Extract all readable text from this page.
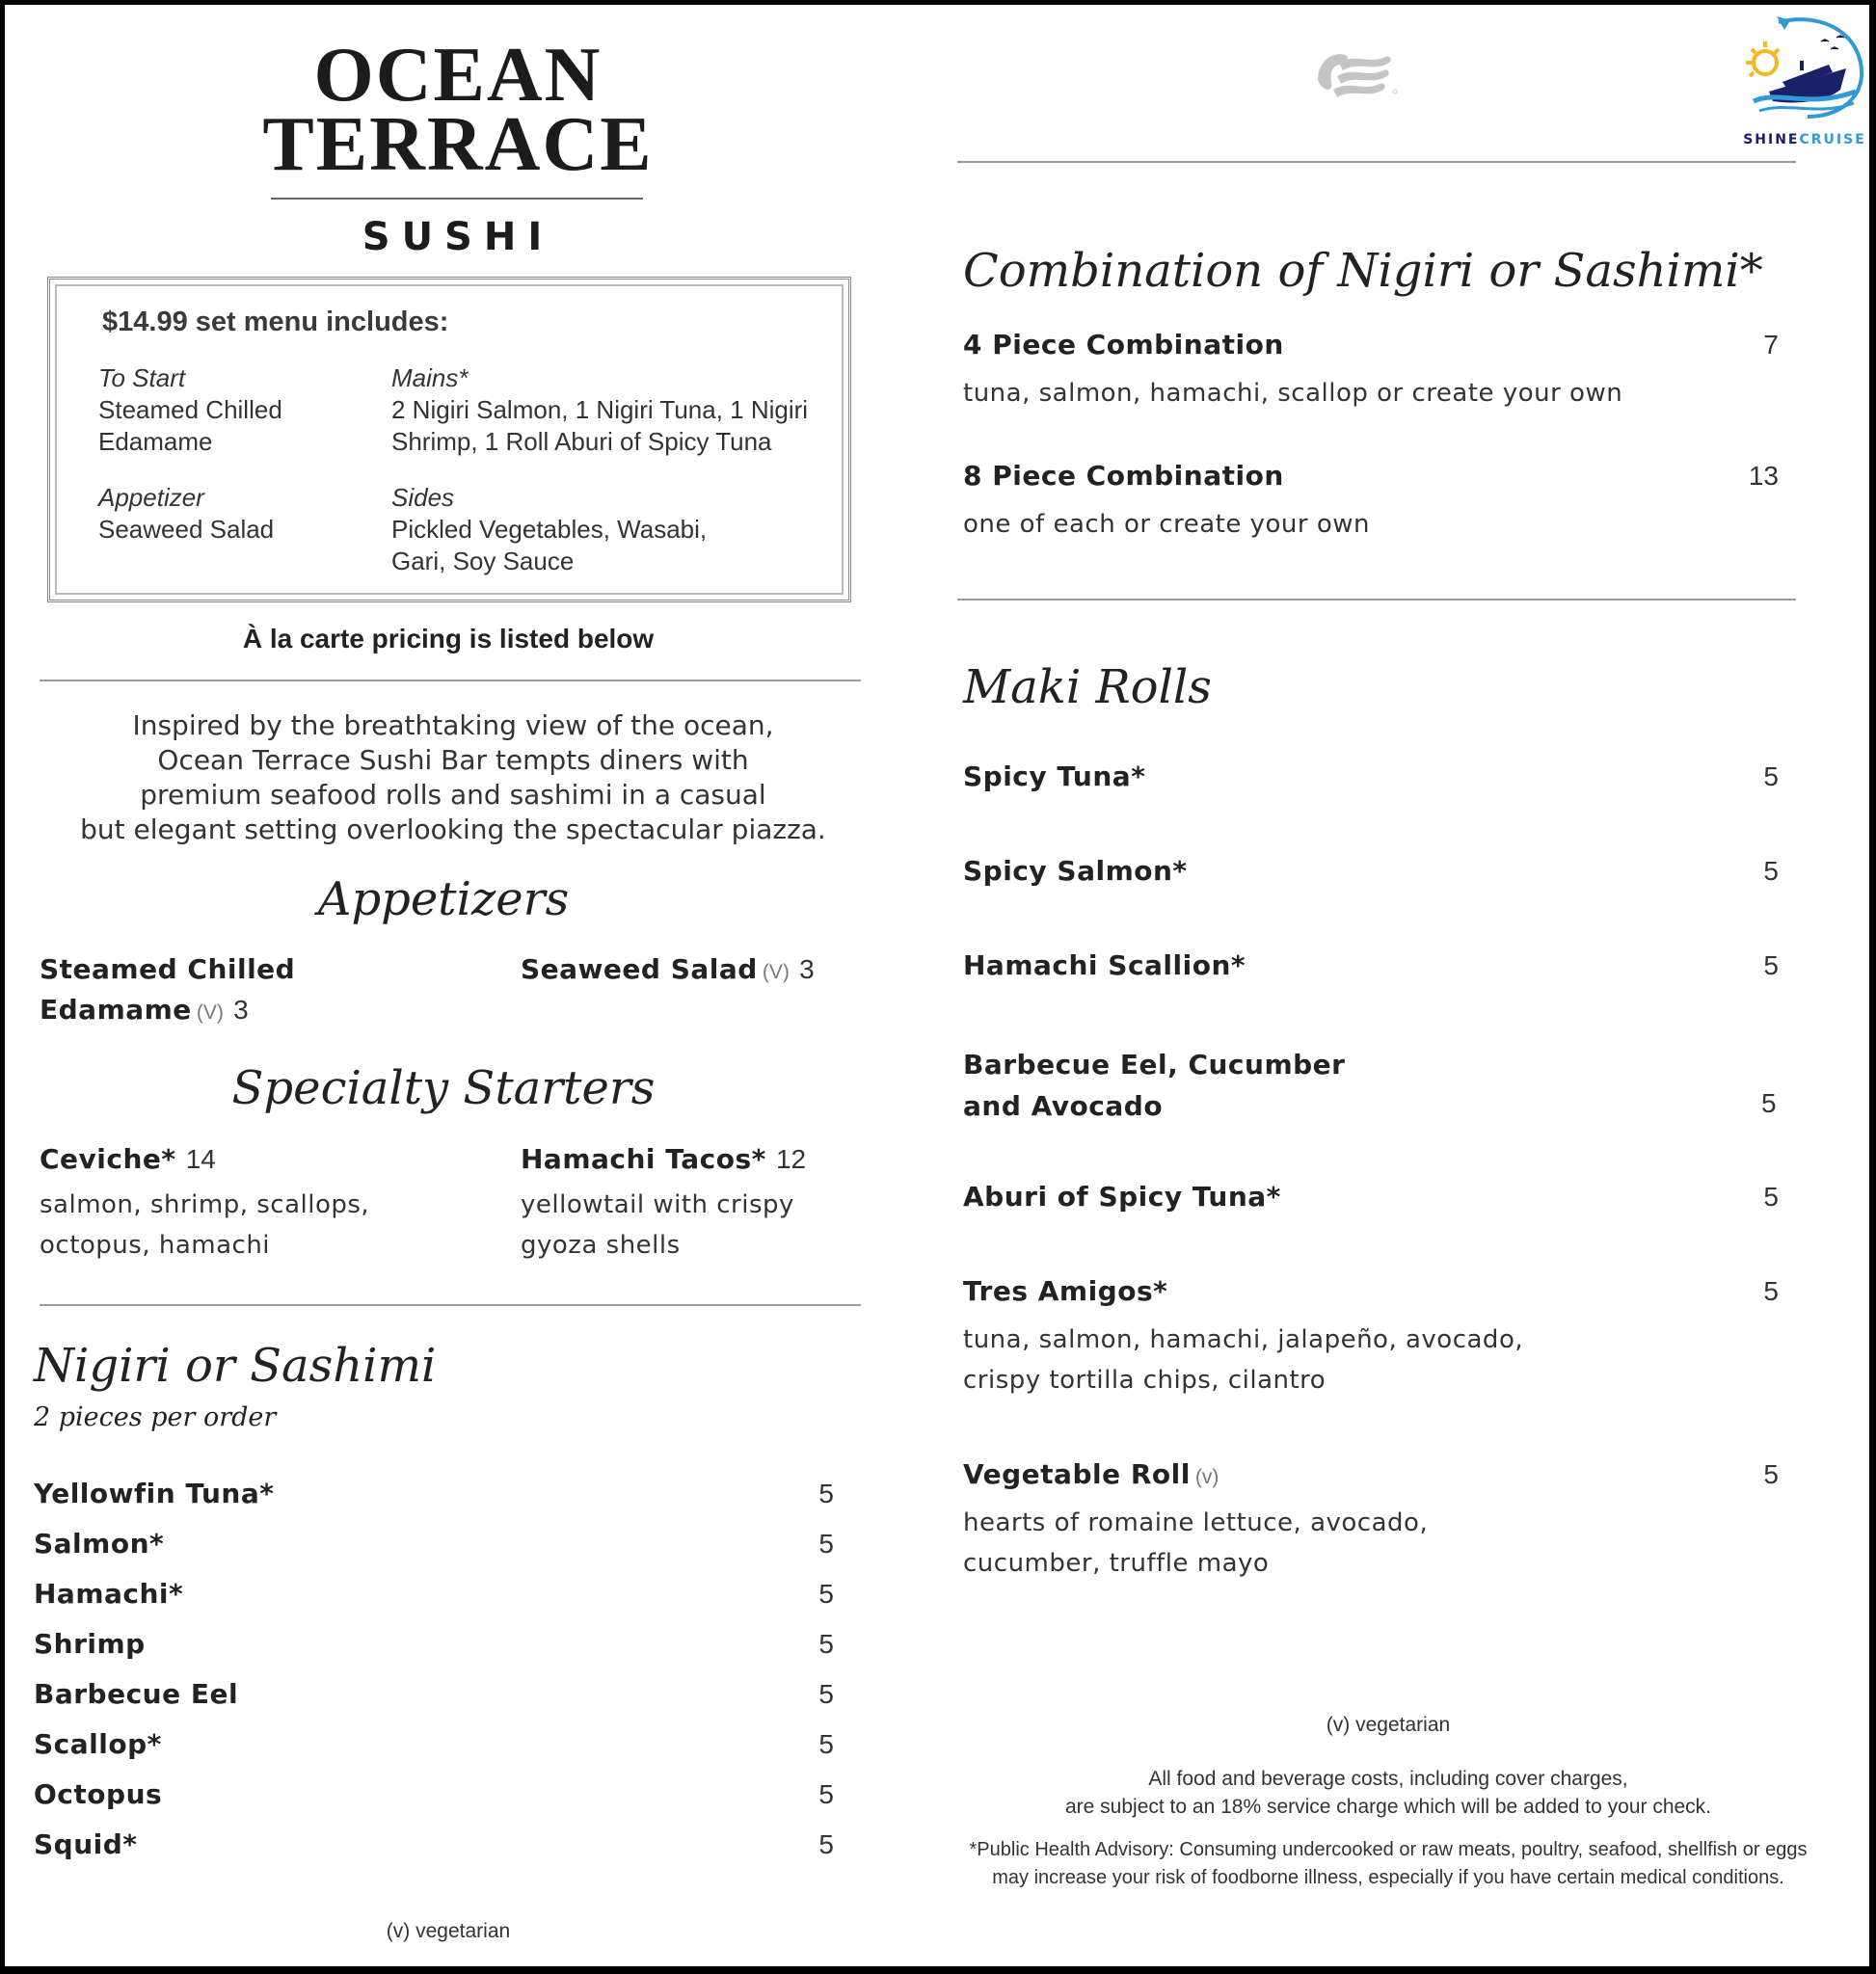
OCEAN
TERRACE
SUSHI
SHINECRUISE
$14.99 set menu includes:
To Start
Steamed Chilled
Edamame
Mains*
2 Nigiri Salmon, 1 Nigiri Tuna, 1 Nigiri
Shrimp, 1 Roll Aburi of Spicy Tuna
Appetizer
Seaweed Salad
Sides
Pickled Vegetables, Wasabi,
Gari, Soy Sauce
À la carte pricing is listed below
Inspired by the breathtaking view of the ocean,
Ocean Terrace Sushi Bar tempts diners with
premium seafood rolls and sashimi in a casual
but elegant setting overlooking the spectacular piazza.
Appetizers
Steamed Chilled
Edamame (V) 3
Seaweed Salad (V) 3
Specialty Starters
Ceviche* 14
salmon, shrimp, scallops,
octopus, hamachi
Hamachi Tacos* 12
yellowtail with crispy
gyoza shells
Nigiri or Sashimi
2 pieces per order
Yellowfin Tuna*	5
Salmon*	5
Hamachi*	5
Shrimp	5
Barbecue Eel	5
Scallop*	5
Octopus	5
Squid*	5
(v) vegetarian
Combination of Nigiri or Sashimi*
4 Piece Combination	7
tuna, salmon, hamachi, scallop or create your own
8 Piece Combination	13
one of each or create your own
Maki Rolls
Spicy Tuna*	5
Spicy Salmon*	5
Hamachi Scallion*	5
Barbecue Eel, Cucumber
and Avocado	5
Aburi of Spicy Tuna*	5
Tres Amigos*	5
tuna, salmon, hamachi, jalapeño, avocado,
crispy tortilla chips, cilantro
Vegetable Roll (v)	5
hearts of romaine lettuce, avocado,
cucumber, truffle mayo
(v) vegetarian
All food and beverage costs, including cover charges,
are subject to an 18% service charge which will be added to your check.
*Public Health Advisory: Consuming undercooked or raw meats, poultry, seafood, shellfish or eggs
may increase your risk of foodborne illness, especially if you have certain medical conditions.
